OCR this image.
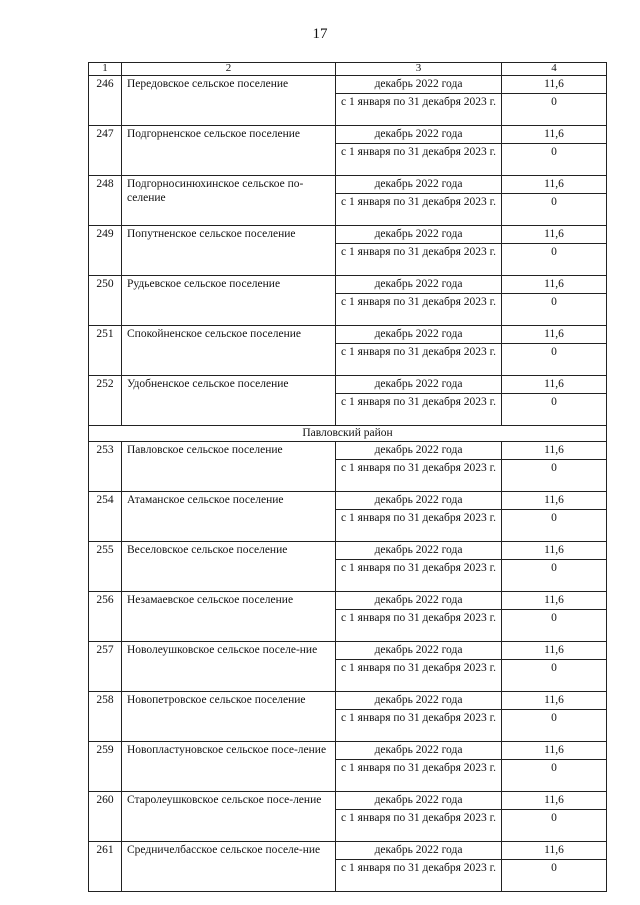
17
1	2	3	4
246	Передовское сельское поселение	декабрь 2022 года	11,6
		с 1 января по 31 декабря 2023 г.	0
247	Подгорненское сельское поселение	декабрь 2022 года	11,6
		с 1 января по 31 декабря 2023 г.	0
248	Подгорносинюхинское сельское по-селение	декабрь 2022 года	11,6
		с 1 января по 31 декабря 2023 г.	0
249	Попутненское сельское поселение	декабрь 2022 года	11,6
		с 1 января по 31 декабря 2023 г.	0
250	Рудьевское сельское поселение	декабрь 2022 года	11,6
		с 1 января по 31 декабря 2023 г.	0
251	Спокойненское сельское поселение	декабрь 2022 года	11,6
		с 1 января по 31 декабря 2023 г.	0
252	Удобненское сельское поселение	декабрь 2022 года	11,6
		с 1 января по 31 декабря 2023 г.	0
Павловский район			
253	Павловское сельское поселение	декабрь 2022 года	11,6
		с 1 января по 31 декабря 2023 г.	0
254	Атаманское сельское поселение	декабрь 2022 года	11,6
		с 1 января по 31 декабря 2023 г.	0
255	Веселовское сельское поселение	декабрь 2022 года	11,6
		с 1 января по 31 декабря 2023 г.	0
256	Незамаевское сельское поселение	декабрь 2022 года	11,6
		с 1 января по 31 декабря 2023 г.	0
257	Новолеушковское сельское поселе-ние	декабрь 2022 года	11,6
		с 1 января по 31 декабря 2023 г.	0
258	Новопетровское сельское поселение	декабрь 2022 года	11,6
		с 1 января по 31 декабря 2023 г.	0
259	Новопластуновское сельское посе-ление	декабрь 2022 года	11,6
		с 1 января по 31 декабря 2023 г.	0
260	Старолеушковское сельское посе-ление	декабрь 2022 года	11,6
		с 1 января по 31 декабря 2023 г.	0
261	Средничелбасское сельское поселе-ние	декабрь 2022 года	11,6
		с 1 января по 31 декабря 2023 г.	0
